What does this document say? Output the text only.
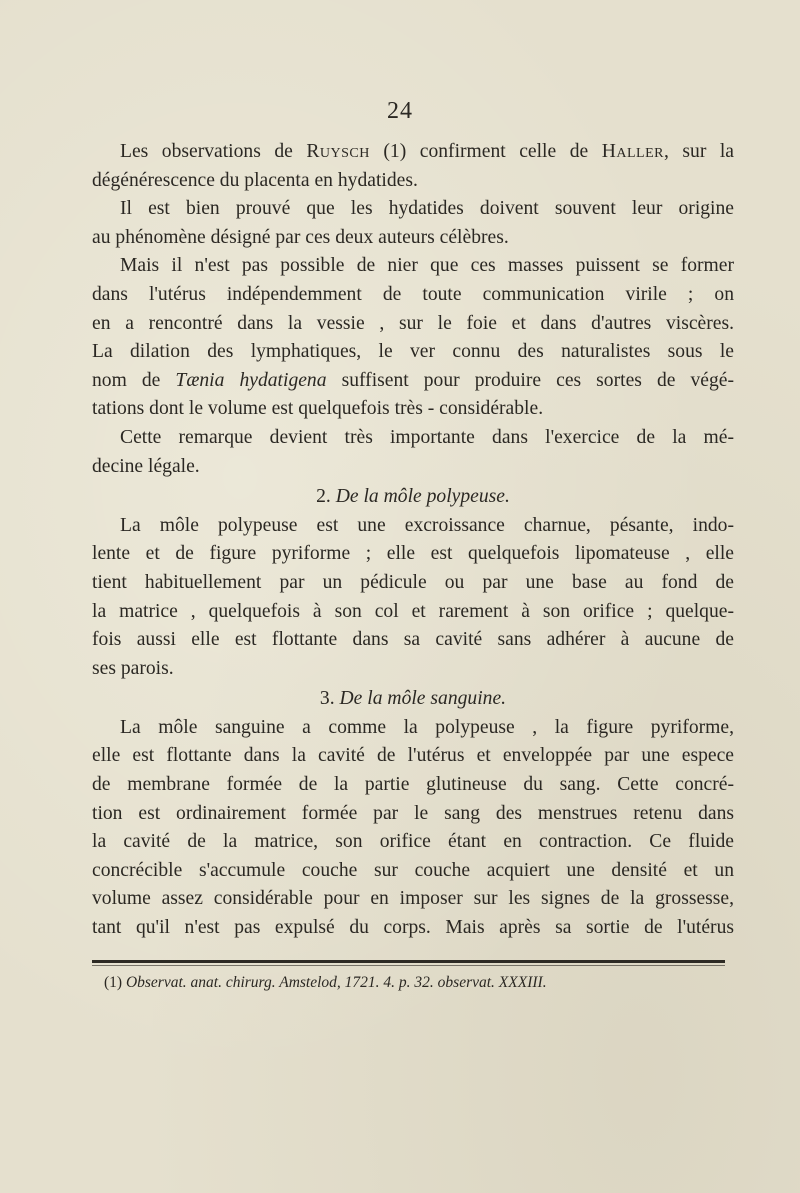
24
Les observations de Ruysch (1) confirment celle de Haller, sur la
dégénérescence du placenta en hydatides.
Il est bien prouvé que les hydatides doivent souvent leur origine
au phénomène désigné par ces deux auteurs célèbres.
Mais il n'est pas possible de nier que ces masses puissent se former
dans l'utérus indépendemment de toute communication virile ; on
en a rencontré dans la vessie , sur le foie et dans d'autres viscères.
La dilation des lymphatiques, le ver connu des naturalistes sous le
nom de Tænia hydatigena suffisent pour produire ces sortes de végé-
tations dont le volume est quelquefois très - considérable.
Cette remarque devient très importante dans l'exercice de la mé-
decine légale.
2. De la môle polypeuse.
La môle polypeuse est une excroissance charnue, pésante, indo-
lente et de figure pyriforme ; elle est quelquefois lipomateuse , elle
tient habituellement par un pédicule ou par une base au fond de
la matrice , quelquefois à son col et rarement à son orifice ; quelque-
fois aussi elle est flottante dans sa cavité sans adhérer à aucune de
ses parois.
3. De la môle sanguine.
La môle sanguine a comme la polypeuse , la figure pyriforme,
elle est flottante dans la cavité de l'utérus et enveloppée par une espece
de membrane formée de la partie glutineuse du sang. Cette concré-
tion est ordinairement formée par le sang des menstrues retenu dans
la cavité de la matrice, son orifice étant en contraction. Ce fluide
concrécible s'accumule couche sur couche acquiert une densité et un
volume assez considérable pour en imposer sur les signes de la grossesse,
tant qu'il n'est pas expulsé du corps. Mais après sa sortie de l'utérus
(1) Observat. anat. chirurg. Amstelod, 1721. 4. p. 32. observat. XXXIII.
